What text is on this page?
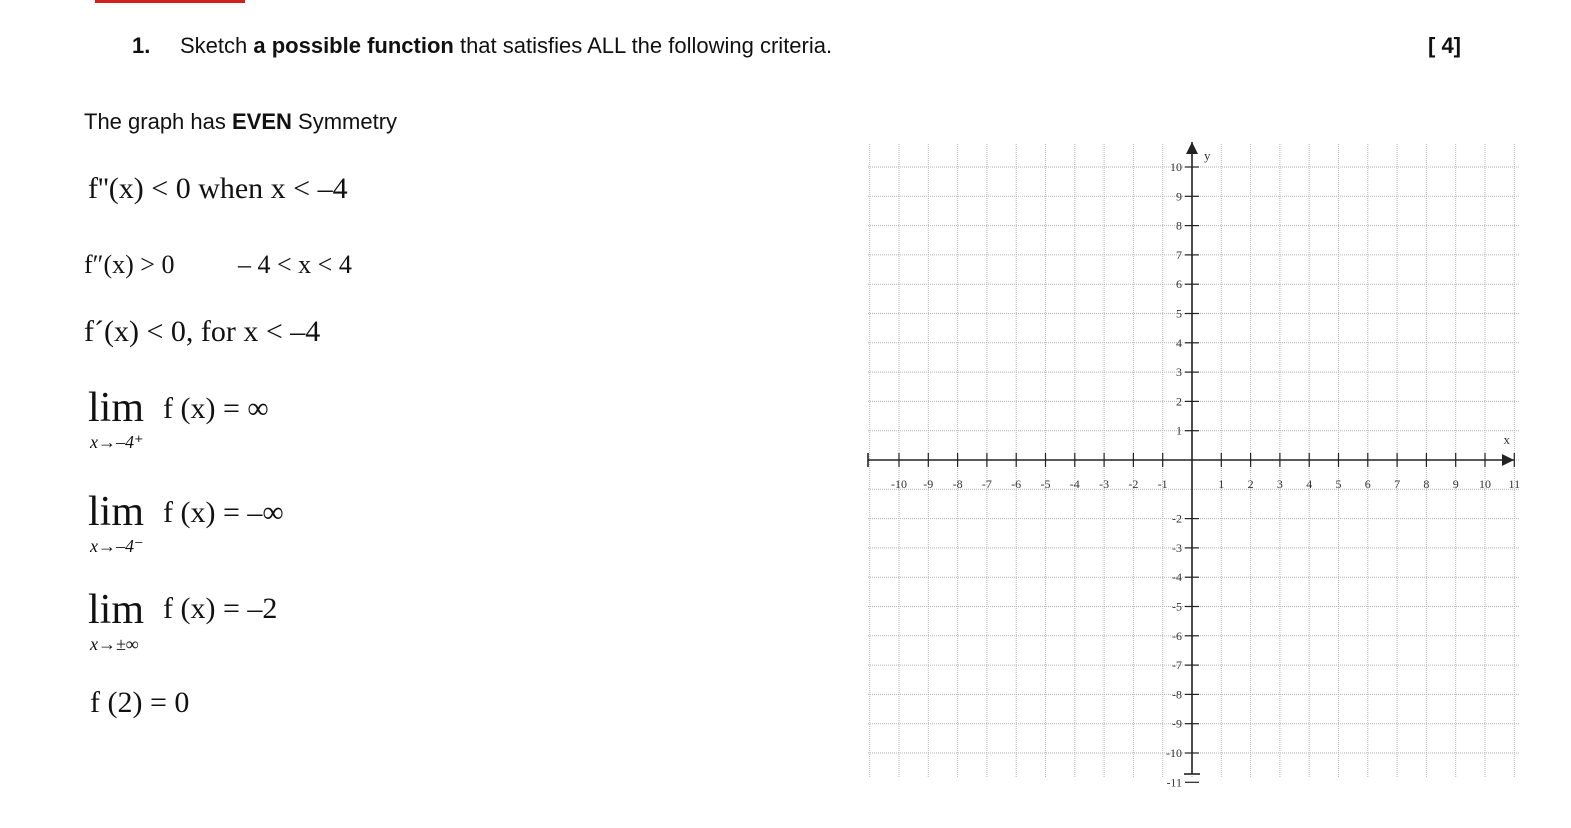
1. Sketch a possible function that satisfies ALL the following criteria.	[ 4]
The graph has EVEN Symmetry
f''(x) < 0 when x < –4
f″(x) > 0 – 4 < x < 4
f´(x) < 0, for x < –4
lim f (x) = ∞
x→–4⁺
lim f (x) = –∞
x→–4⁻
lim f (x) = –2
x→±∞
f (2) = 0
-10 -9 -8 -7 -6 -5 -4 -3 -2 -1	1 2 3 4 5 6 7 8 9 10 11
10
9
8
7
6
5
4
3
2
1
-2
-3
-4
-5
-6
-7
-8
-9
-10
-11
x
y
